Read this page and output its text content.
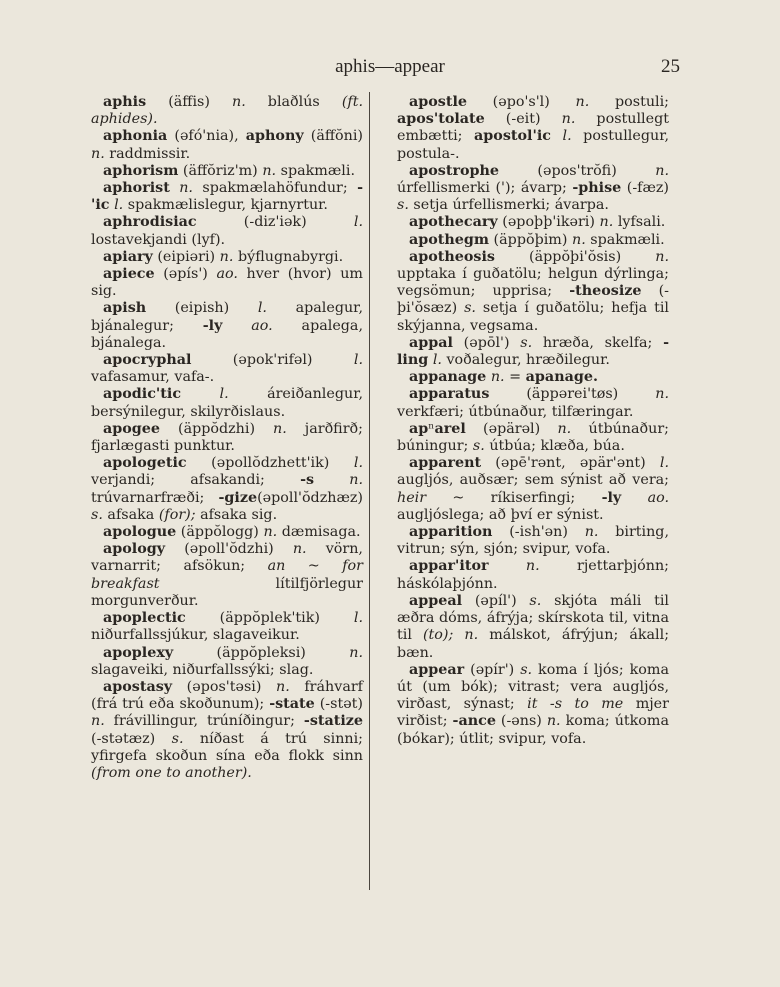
aphis—appear	25

aphis (äffis) n. blaðlús (ft. aphides).

aphonia (əfó'nia), aphony (äffŏni) n. raddmissir.

aphorism (äffŏriz'm) n. spakmæli.

aphorist n. spakmælahöfundur; -'ic l. spakmælislegur, kjarnyrtur.

aphrodisiac (-diz'iək) l. lostavekjandi (lyf).

apiary (eipiəri) n. býflugnabyrgi.

apiece (əpís') ao. hver (hvor) um sig.

apish (eipish) l. apalegur, bjánalegur; -ly ao. apalega, bjánalega.

apocryphal (əpok'rifəl) l. vafasamur, vafa-.

apodic'tic	l. áreiðanlegur, bersýnilegur, skilyrðislaus.

apogee (äppŏdzhi) n. jarðfirð; fjarlægasti punktur.

apologetic (əpollŏdzhett'ik) l. verjandi; afsakandi; -s n. trúvarnarfræði; -gize(əpoll'ŏdzhæz) s. afsaka (for); afsaka sig.

apologue (äppŏlogg) n. dæmisaga.

apology (əpoll'ŏdzhi) n. vörn, varnarrit; afsökun; an ~ for breakfast lítilfjörlegur morgunverður.

apoplectic (äppŏplek'tik) l. niðurfallssjúkur, slagaveikur.

apoplexy (äppŏpleksi) n. slagaveiki, niðurfallssýki; slag.

apostasy (əpos'təsi) n. fráhvarf (frá trú eða skoðunum); -state (-stət) n. frávillingur, trúníðingur; -statize (-stətæz) s. níðast á trú sinni; yfirgefa skoðun sína eða flokk sinn (from one to another).

apostle (əpo's'l) n. postuli; apos'tolate (-eit) n. postullegt embætti; apostol'ic l. postullegur, postula-.

apostrophe (əpos'trŏfi) n. úrfellismerki ('); ávarp; -phise (-fæz) s. setja úrfellismerki; ávarpa.

apothecary (əpoþþ'ikəri) n. lyfsali.

apothegm (äppŏþim) n. spakmæli.

apotheosis (äppŏþi'ŏsis) n. upptaka í guðatölu; helgun dýrlinga; vegsömun; upprisa; -theosize (-þi'ŏsæz) s. setja í guðatölu; hefja til skýjanna, vegsama.

appal (əpōl') s. hræða, skelfa; -ling l. voðalegur, hræðilegur.

appanage n. = apanage.

apparatus (äppərei'tøs) n. verkfæri; útbúnaður, tilfæringar.

apⁿarel (əpärəl) n. útbúnaður; búningur; s. útbúa; klæða, búa.

apparent (əpē'rənt, əpär'ənt) l. augljós, auðsær; sem sýnist að vera; heir ~ ríkiserfingi; -ly ao. augljóslega; að því er sýnist.

apparition (-ish'ən) n. birting, vitrun; sýn, sjón; svipur, vofa.

appar'itor	n. rjettarþjónn; háskólaþjónn.

appeal (əpíl') s. skjóta máli til æðra dóms, áfrýja; skírskota til, vitna til (to); n. málskot, áfrýjun; ákall; bæn.

appear (əpír') s. koma í ljós; koma út (um bók); vitrast; vera augljós, virðast, sýnast; it -s to me mjer virðist; -ance (-əns) n. koma; útkoma (bókar); útlit; svipur, vofa.
